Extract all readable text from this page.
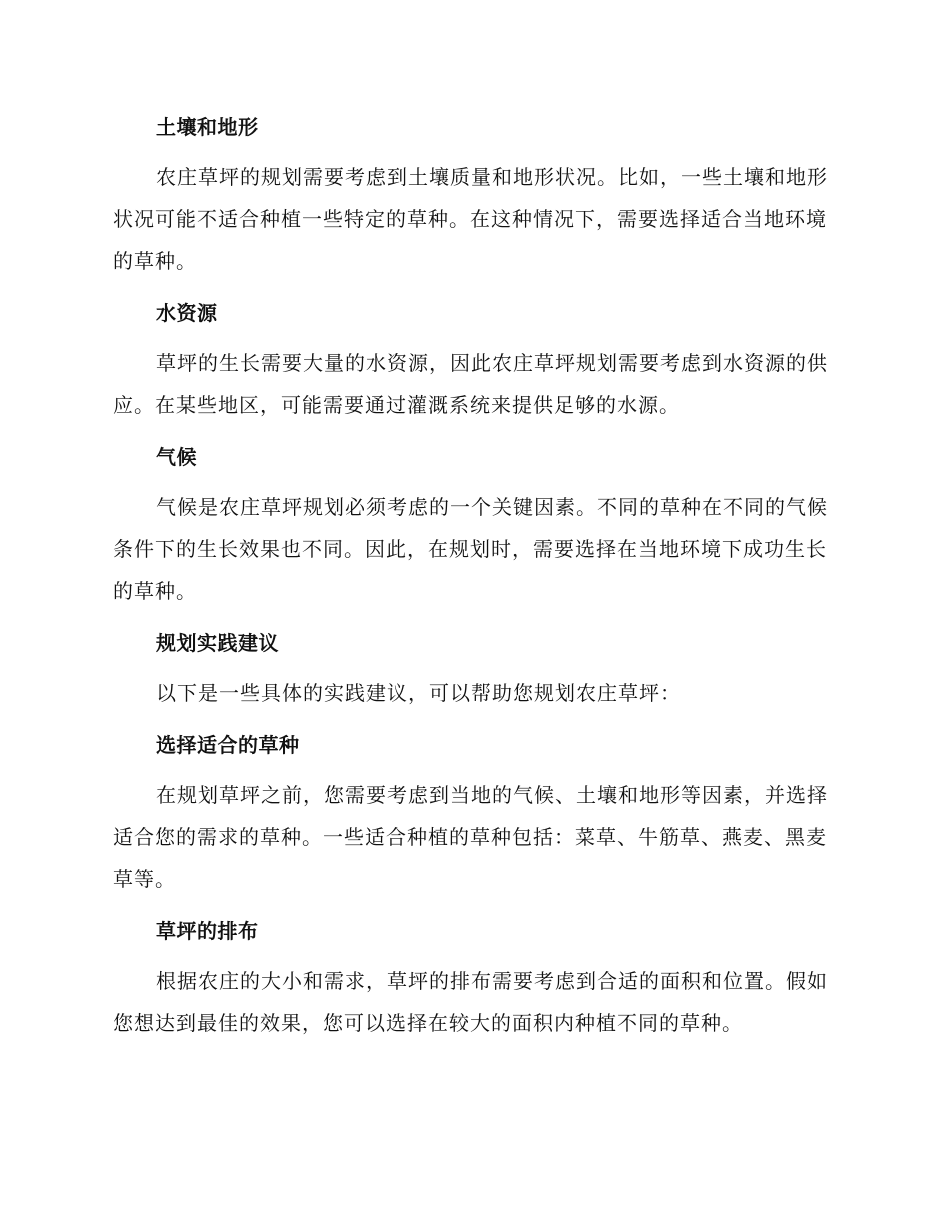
土壤和地形
农庄草坪的规划需要考虑到土壤质量和地形状况。比如，一些土壤和地形状况可能不适合种植一些特定的草种。在这种情况下，需要选择适合当地环境的草种。
水资源
草坪的生长需要大量的水资源，因此农庄草坪规划需要考虑到水资源的供应。在某些地区，可能需要通过灌溉系统来提供足够的水源。
气候
气候是农庄草坪规划必须考虑的一个关键因素。不同的草种在不同的气候条件下的生长效果也不同。因此，在规划时，需要选择在当地环境下成功生长的草种。
规划实践建议
以下是一些具体的实践建议，可以帮助您规划农庄草坪：
选择适合的草种
在规划草坪之前，您需要考虑到当地的气候、土壤和地形等因素，并选择适合您的需求的草种。一些适合种植的草种包括：菜草、牛筋草、燕麦、黑麦草等。
草坪的排布
根据农庄的大小和需求，草坪的排布需要考虑到合适的面积和位置。假如您想达到最佳的效果，您可以选择在较大的面积内种植不同的草种。
